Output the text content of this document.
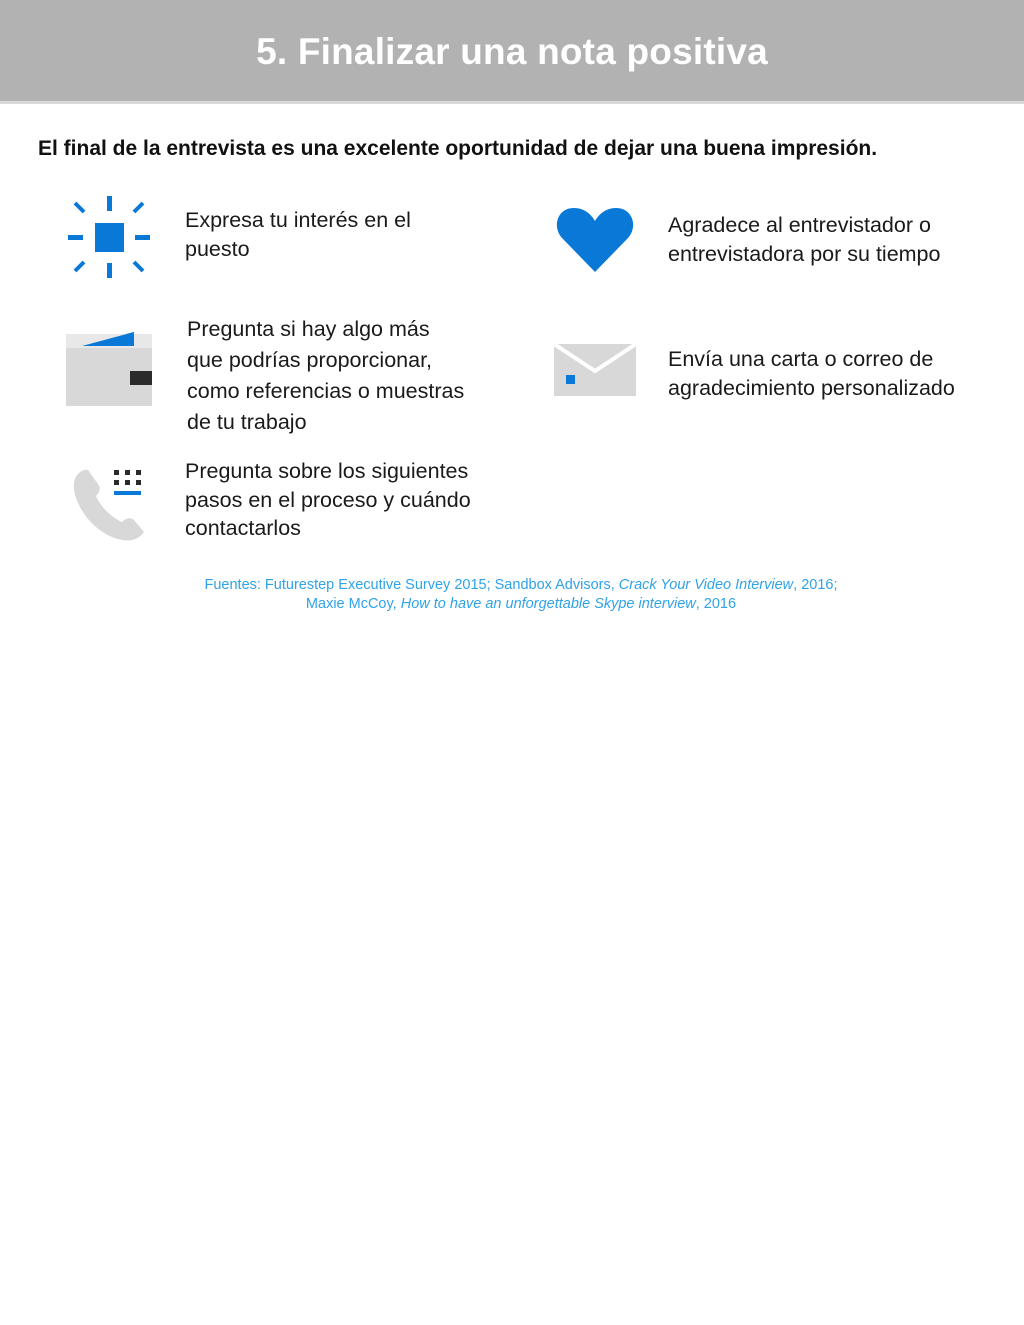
5. Finalizar una nota positiva
El final de la entrevista es una excelente oportunidad de dejar una buena impresión.
Expresa tu interés en el
puesto
Agradece al entrevistador o
entrevistadora por su tiempo
Pregunta si hay algo más
que podrías proporcionar,
como referencias o muestras
de tu trabajo
Envía una carta o correo de
agradecimiento personalizado
Pregunta sobre los siguientes
pasos en el proceso y cuándo
contactarlos
Fuentes: Futurestep Executive Survey 2015; Sandbox Advisors, Crack Your Video Interview, 2016;
Maxie McCoy, How to have an unforgettable Skype interview, 2016
